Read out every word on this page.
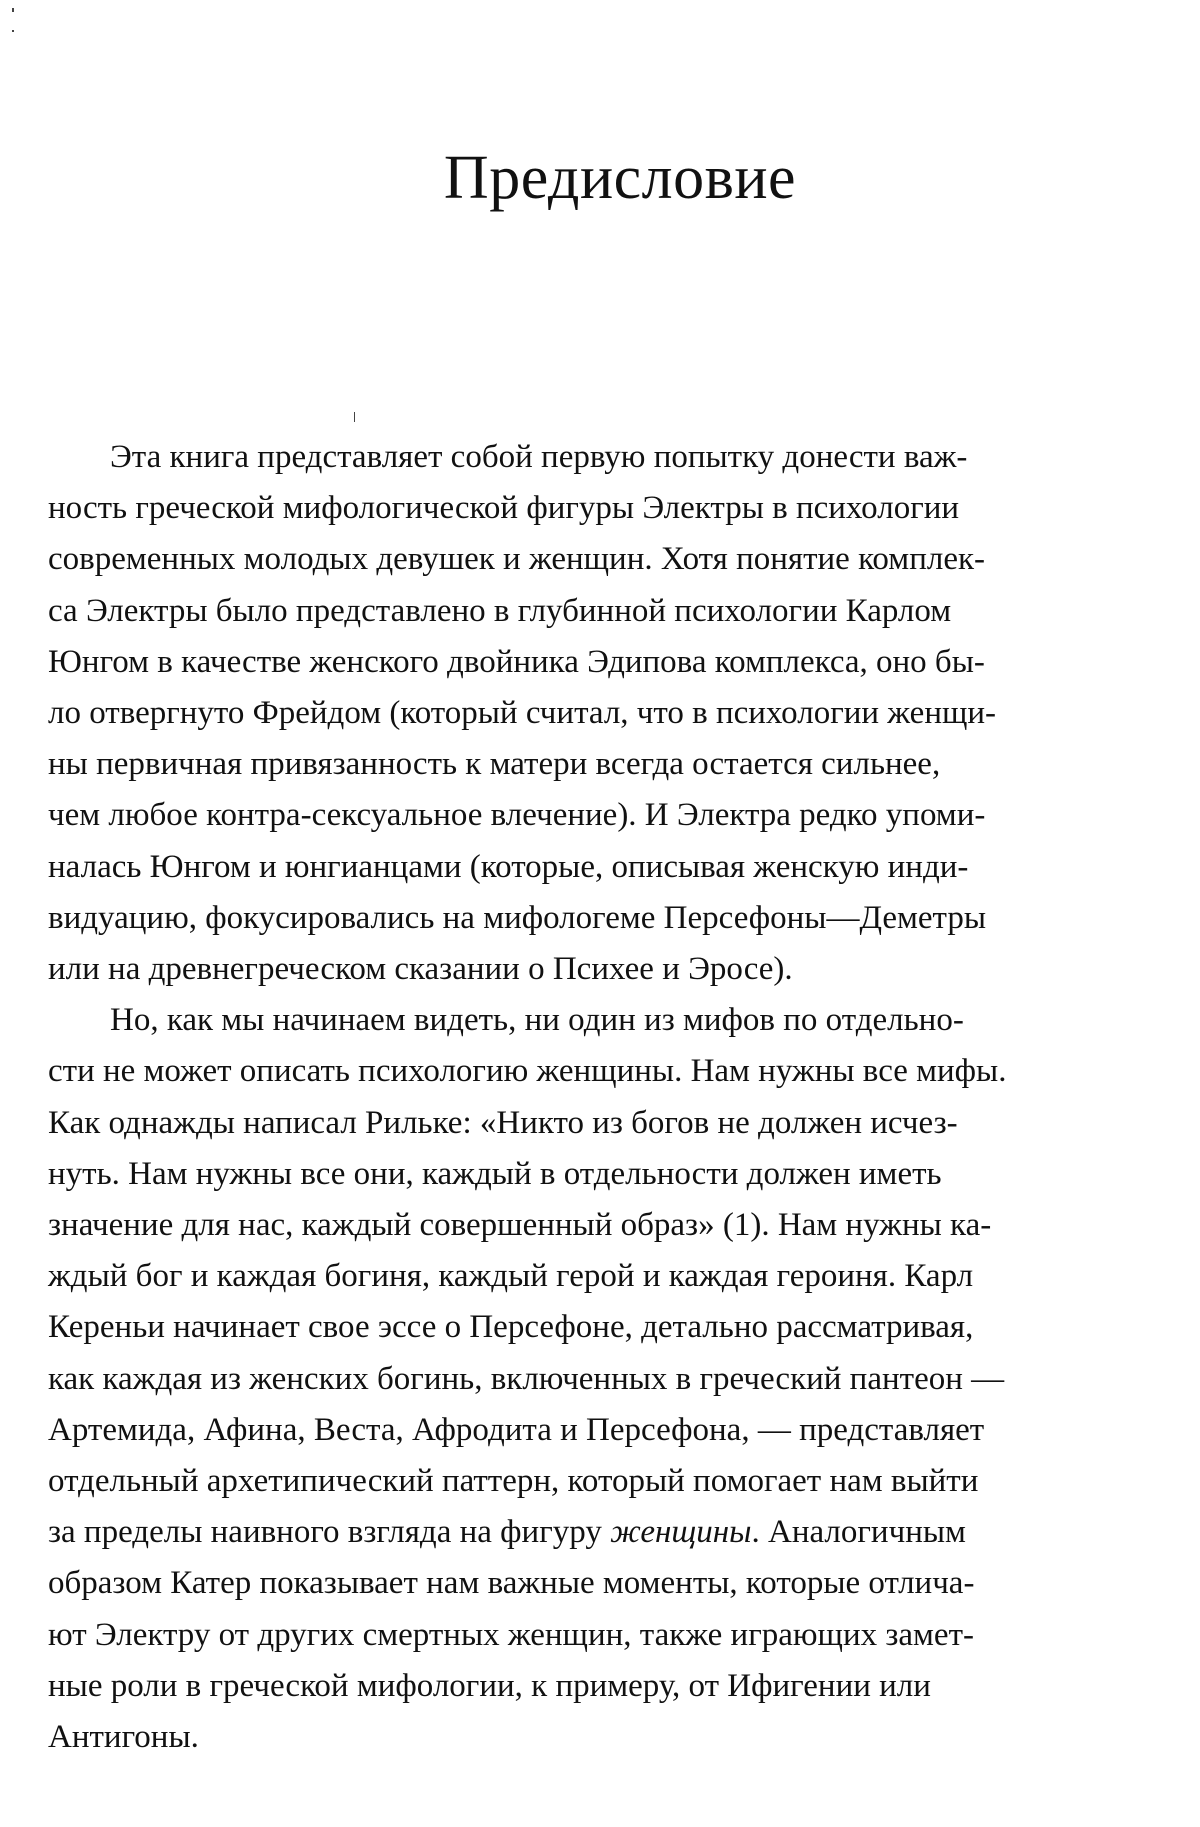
Предисловие

Эта книга представляет собой первую попытку донести важ-
ность греческой мифологической фигуры Электры в психологии
современных молодых девушек и женщин. Хотя понятие комплек-
са Электры было представлено в глубинной психологии Карлом
Юнгом в качестве женского двойника Эдипова комплекса, оно бы-
ло отвергнуто Фрейдом (который считал, что в психологии женщи-
ны первичная привязанность к матери всегда остается сильнее,
чем любое контра-сексуальное влечение). И Электра редко упоми-
налась Юнгом и юнгианцами (которые, описывая женскую инди-
видуацию, фокусировались на мифологеме Персефоны—Деметры
или на древнегреческом сказании о Психее и Эросе).

Но, как мы начинаем видеть, ни один из мифов по отдельно-
сти не может описать психологию женщины. Нам нужны все мифы.
Как однажды написал Рильке: «Никто из богов не должен исчез-
нуть. Нам нужны все они, каждый в отдельности должен иметь
значение для нас, каждый совершенный образ» (1). Нам нужны ка-
ждый бог и каждая богиня, каждый герой и каждая героиня. Карл
Кереньи начинает свое эссе о Персефоне, детально рассматривая,
как каждая из женских богинь, включенных в греческий пантеон —
Артемида, Афина, Веста, Афродита и Персефона, — представляет
отдельный архетипический паттерн, который помогает нам выйти
за пределы наивного взгляда на фигуру женщины. Аналогичным
образом Катер показывает нам важные моменты, которые отлича-
ют Электру от других смертных женщин, также играющих замет-
ные роли в греческой мифологии, к примеру, от Ифигении или
Антигоны.
